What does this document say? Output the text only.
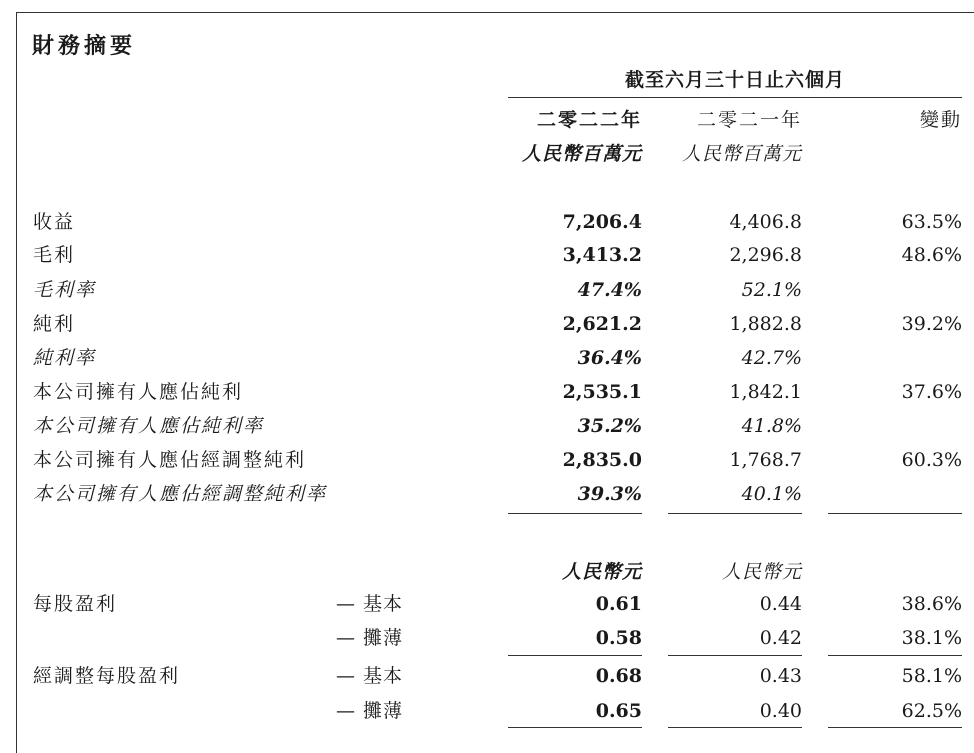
財務摘要
截至六月三十日止六個月
二零二二年	二零二一年	變動
人民幣百萬元	人民幣百萬元
收益	7,206.4	4,406.8	63.5%
毛利	3,413.2	2,296.8	48.6%
毛利率	47.4%	52.1%
純利	2,621.2	1,882.8	39.2%
純利率	36.4%	42.7%
本公司擁有人應佔純利	2,535.1	1,842.1	37.6%
本公司擁有人應佔純利率	35.2%	41.8%
本公司擁有人應佔經調整純利	2,835.0	1,768.7	60.3%
本公司擁有人應佔經調整純利率	39.3%	40.1%
人民幣元	人民幣元
每股盈利	— 基本	0.61	0.44	38.6%
— 攤薄	0.58	0.42	38.1%
經調整每股盈利	— 基本	0.68	0.43	58.1%
— 攤薄	0.65	0.40	62.5%
